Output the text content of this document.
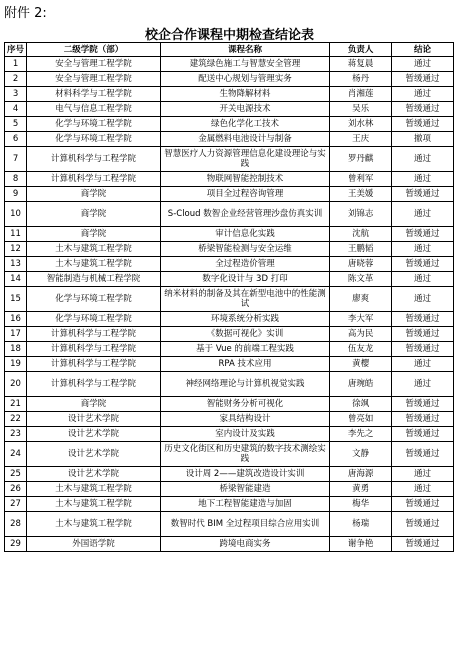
附件 2:
校企合作课程中期检查结论表
序号	二级学院（部）	课程名称	负责人	结论
1	安全与管理工程学院	建筑绿色施工与智慧安全管理	蒋复晨	通过
2	安全与管理工程学院	配送中心规划与管理实务	杨丹	暂缓通过
3	材料科学与工程学院	生物降解材料	肖湘莲	通过
4	电气与信息工程学院	开关电源技术	吴乐	暂缓通过
5	化学与环境工程学院	绿色化学化工技术	刘水林	暂缓通过
6	化学与环境工程学院	金属燃料电池设计与制备	王庆	撤项
7	计算机科学与工程学院	智慧医疗人力资源管理信息化建设理论与实践	罗丹麒	通过
8	计算机科学与工程学院	物联网智能控制技术	曾利军	通过
9	商学院	项目全过程咨询管理	王美媛	暂缓通过
10	商学院	S-Cloud 数智企业经营管理沙盘仿真实训	刘锦志	通过
11	商学院	审计信息化实践	沈航	暂缓通过
12	土木与建筑工程学院	桥梁智能检测与安全运维	王鹏韬	通过
13	土木与建筑工程学院	全过程造价管理	唐晓蓉	暂缓通过
14	智能制造与机械工程学院	数字化设计与 3D 打印	陈文革	通过
15	化学与环境工程学院	纳米材料的制备及其在新型电池中的性能测试	廖爽	通过
16	化学与环境工程学院	环境系统分析实践	李大军	暂缓通过
17	计算机科学与工程学院	《数据可视化》实训	高为民	暂缓通过
18	计算机科学与工程学院	基于 Vue 的前端工程实践	伍友龙	暂缓通过
19	计算机科学与工程学院	RPA 技术应用	黄樱	通过
20	计算机科学与工程学院	神经网络理论与计算机视觉实践	唐琬皓	通过
21	商学院	智能财务分析可视化	徐飒	暂缓通过
22	设计艺术学院	家具结构设计	曾亮如	暂缓通过
23	设计艺术学院	室内设计及实践	李先之	暂缓通过
24	设计艺术学院	历史文化街区和历史建筑的数字技术测绘实践	文静	暂缓通过
25	设计艺术学院	设计周 2——建筑改造设计实训	唐海源	通过
26	土木与建筑工程学院	桥梁智能建造	黄勇	通过
27	土木与建筑工程学院	地下工程智能建造与加固	梅华	暂缓通过
28	土木与建筑工程学院	数智时代 BIM 全过程项目综合应用实训	杨瑞	暂缓通过
29	外国语学院	跨境电商实务	谢争艳	暂缓通过
